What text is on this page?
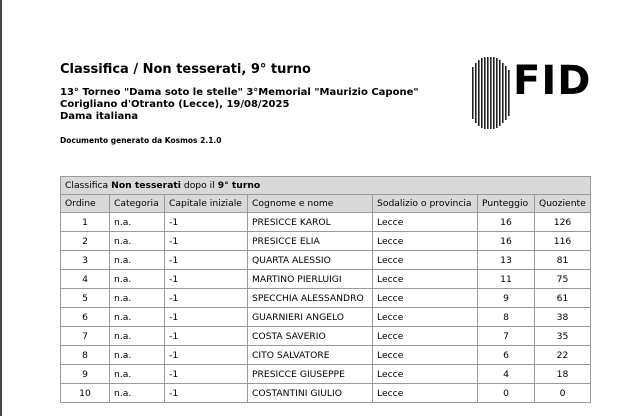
Classifica / Non tesserati, 9° turno
13° Torneo "Dama soto le stelle" 3°Memorial "Maurizio Capone"
Corigliano d'Otranto (Lecce), 19/08/2025
Dama italiana
Documento generato da Kosmos 2.1.0
FID
Classifica Non tesserati dopo il 9° turno						
Ordine	Categoria	Capitale iniziale	Cognome e nome	Sodalizio o provincia	Punteggio	Quoziente
1	n.a.	-1	PRESICCE KAROL	Lecce	16	126
2	n.a.	-1	PRESICCE ELIA	Lecce	16	116
3	n.a.	-1	QUARTA ALESSIO	Lecce	13	81
4	n.a.	-1	MARTINO PIERLUIGI	Lecce	11	75
5	n.a.	-1	SPECCHIA ALESSANDRO	Lecce	9	61
6	n.a.	-1	GUARNIERI ANGELO	Lecce	8	38
7	n.a.	-1	COSTA SAVERIO	Lecce	7	35
8	n.a.	-1	CITO SALVATORE	Lecce	6	22
9	n.a.	-1	PRESICCE GIUSEPPE	Lecce	4	18
10	n.a.	-1	COSTANTINI GIULIO	Lecce	0	0
